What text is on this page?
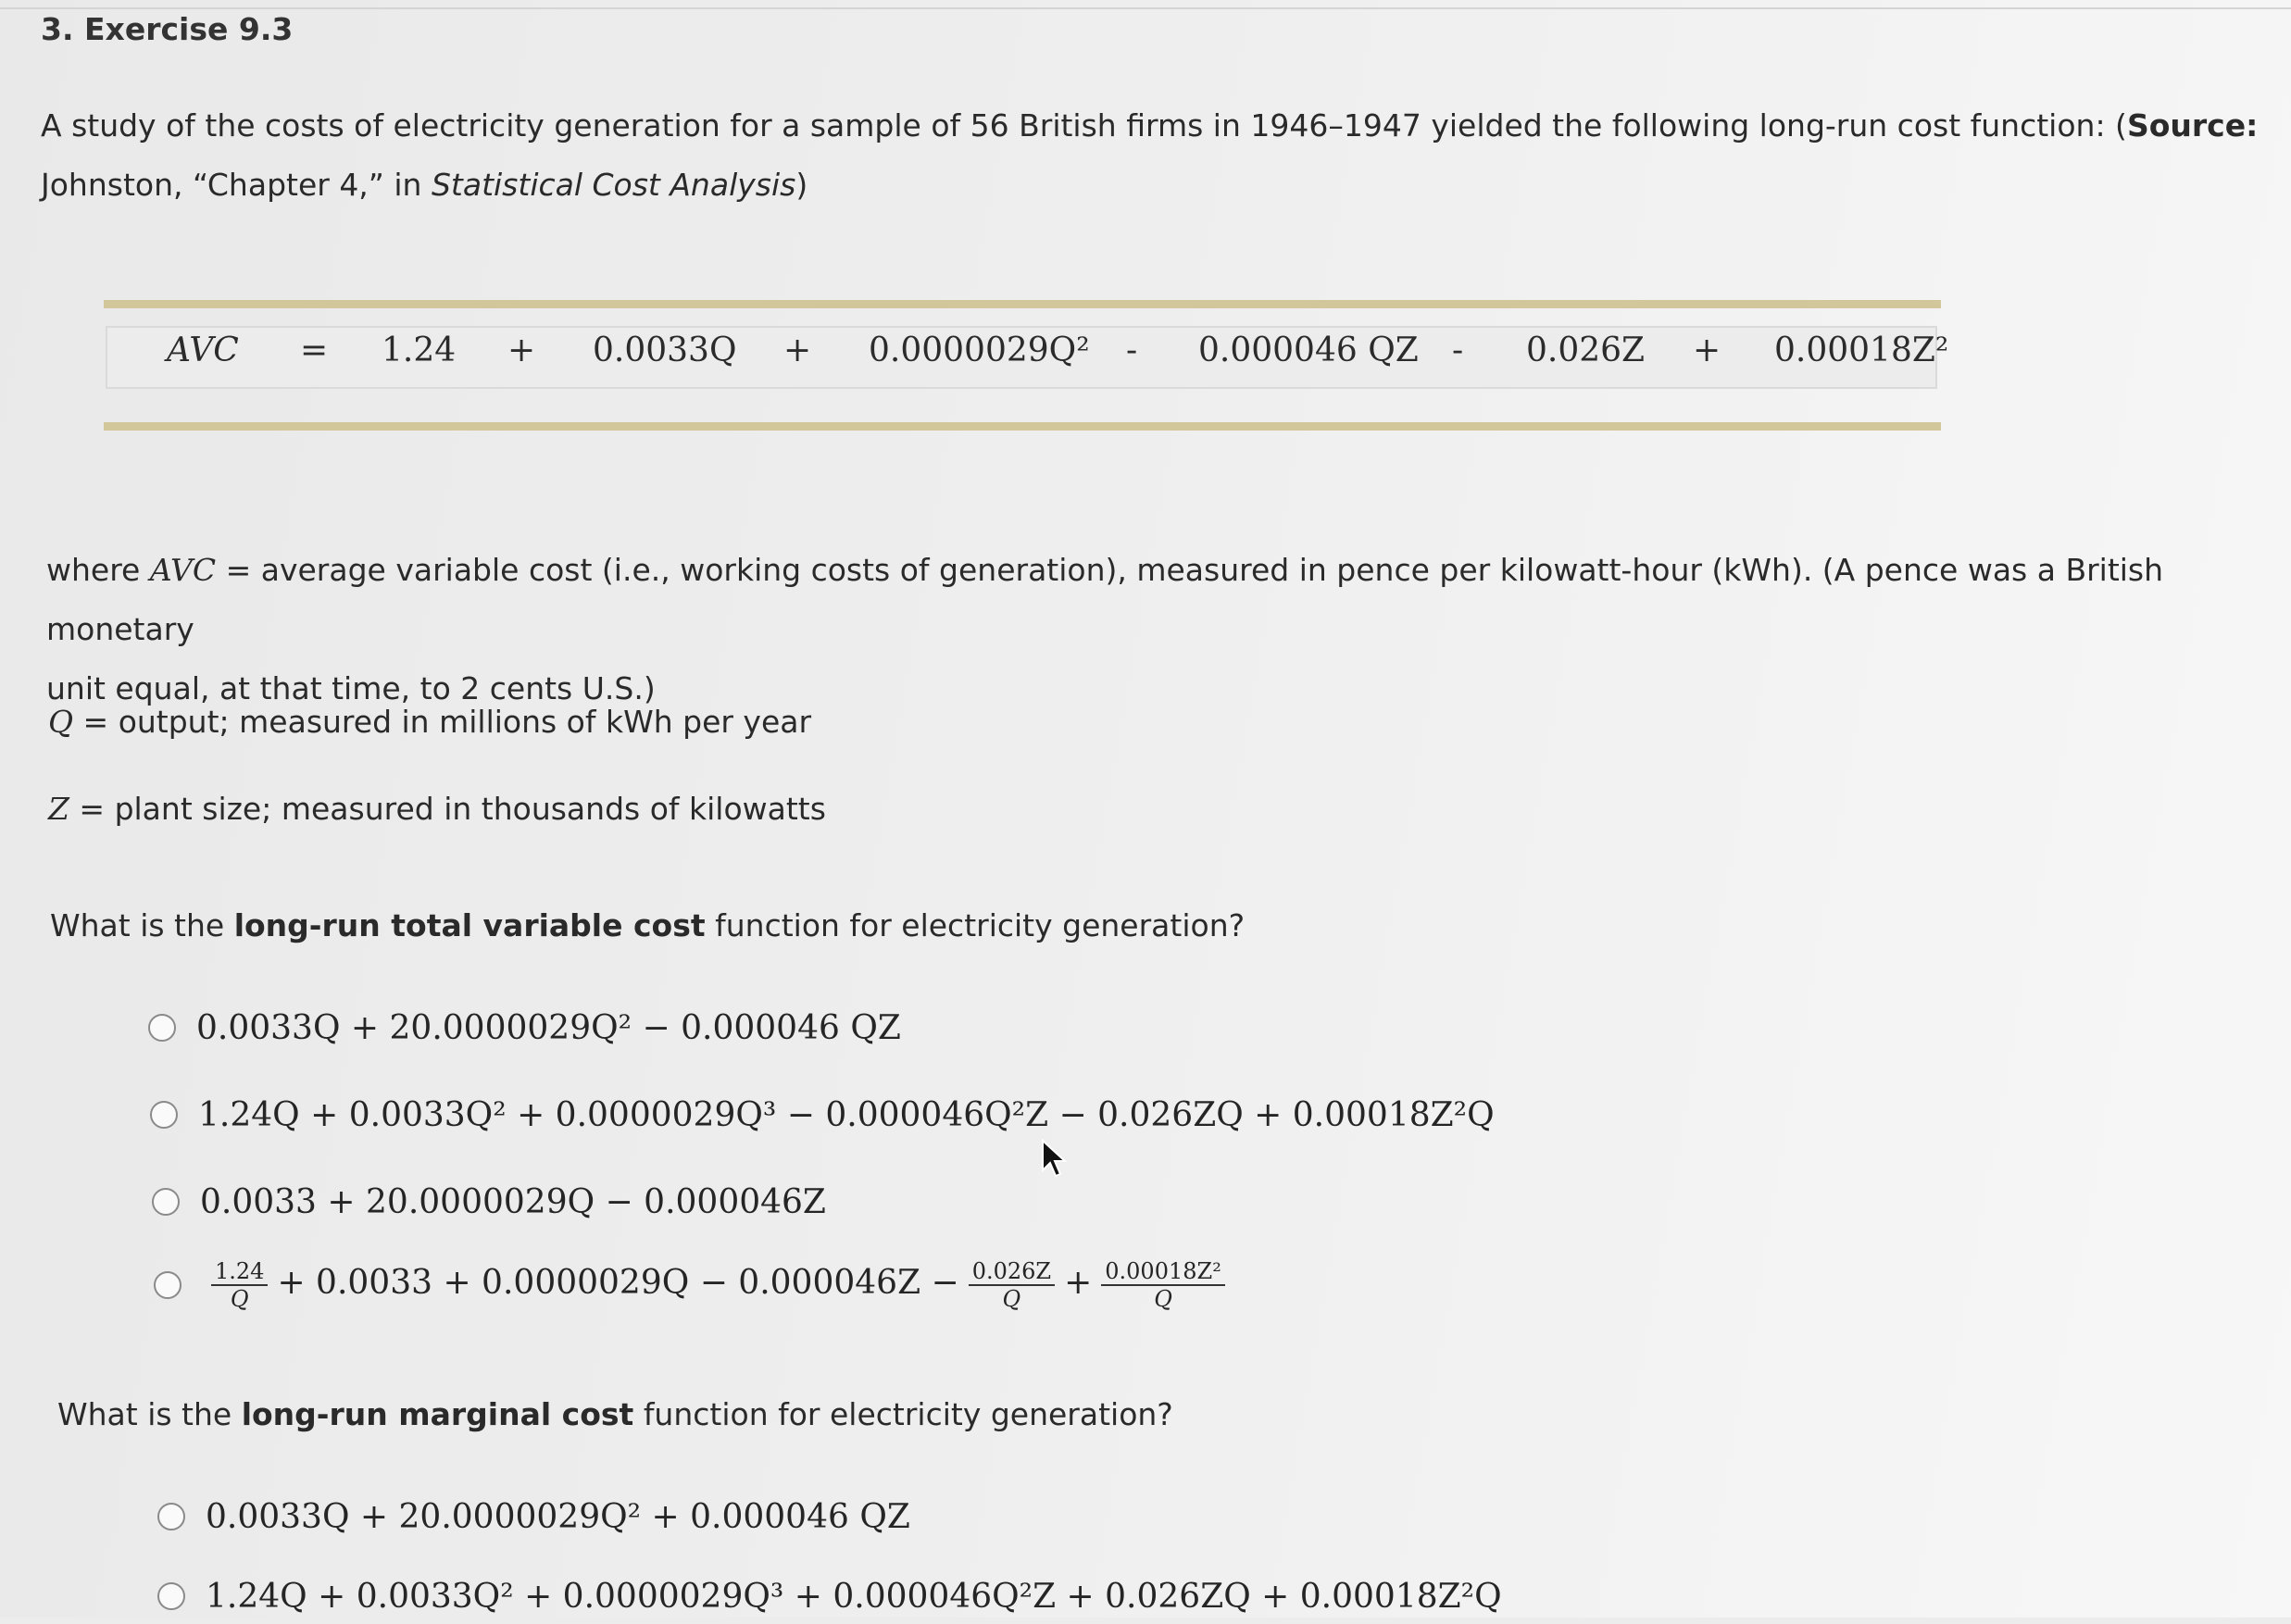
3. Exercise 9.3
A study of the costs of electricity generation for a sample of 56 British firms in 1946–1947 yielded the following long-run cost function: (Source:
Johnston, “Chapter 4,” in Statistical Cost Analysis)
AVC = 1.24 + 0.0033Q + 0.0000029Q² - 0.000046 QZ - 0.026Z + 0.00018Z²
where AVC = average variable cost (i.e., working costs of generation), measured in pence per kilowatt-hour (kWh). (A pence was a British monetary
unit equal, at that time, to 2 cents U.S.)
Q = output; measured in millions of kWh per year
Z = plant size; measured in thousands of kilowatts
What is the long-run total variable cost function for electricity generation?
0.0033Q + 20.0000029Q² − 0.000046 QZ
1.24Q + 0.0033Q² + 0.0000029Q³ − 0.000046Q²Z − 0.026ZQ + 0.00018Z²Q
0.0033 + 20.0000029Q − 0.000046Z
$\frac{1.24}{Q} + 0.0033 + 0.0000029Q - 0.000046Z - \frac{0.026Z}{Q} + \frac{\text{0.00018Z²}}{Q}$
What is the long-run marginal cost function for electricity generation?
0.0033Q + 20.0000029Q² + 0.000046 QZ
1.24Q + 0.0033Q² + 0.0000029Q³ + 0.000046Q²Z + 0.026ZQ + 0.00018Z²Q
